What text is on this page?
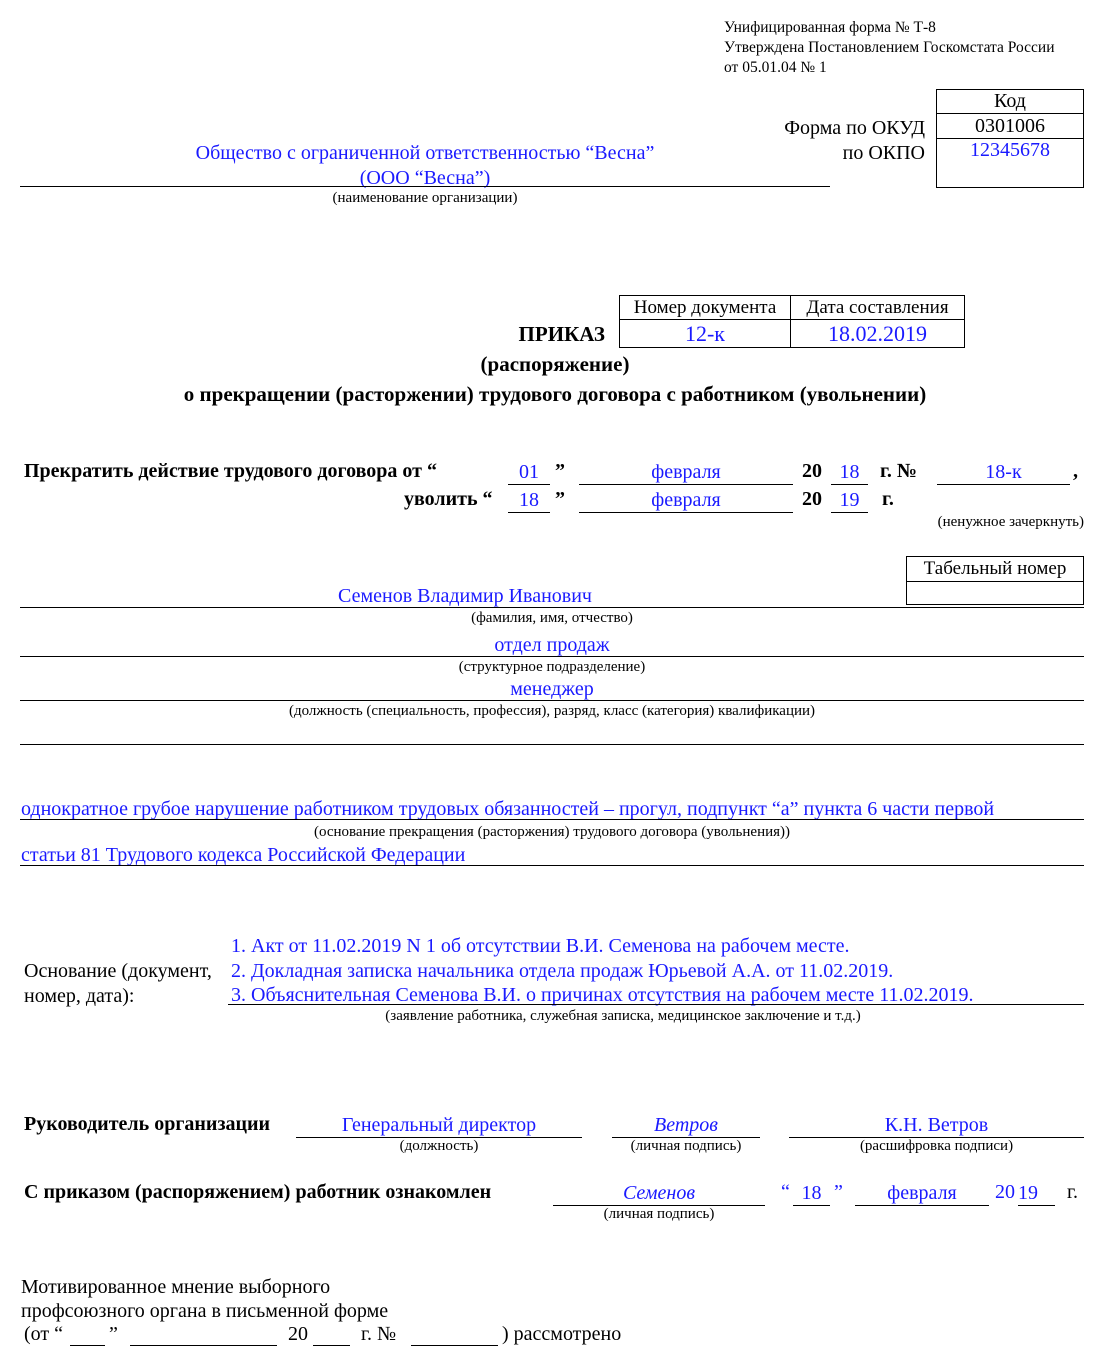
Унифицированная форма № Т-8
Утверждена Постановлением Госкомстата России
от 05.01.04 № 1
Форма по ОКУД
по ОКПО
Код
0301006
12345678
Общество с ограниченной ответственностью “Весна”
(ООО “Весна”)
(наименование организации)
ПРИКАЗ
Номер документа	Дата составления
12-к	18.02.2019
(распоряжение)
о прекращении (расторжении) трудового договора с работником (увольнении)
Прекратить действие трудового договора от “	01 ”	февраля	20 18	г. №	18-к	,
уволить “	18 ”	февраля	20 19	г.
(ненужное зачеркнуть)
Табельный номер

Семенов Владимир Иванович
(фамилия, имя, отчество)
отдел продаж
(структурное подразделение)
менеджер
(должность (специальность, профессия), разряд, класс (категория) квалификации)
однократное грубое нарушение работником трудовых обязанностей – прогул, подпункт “а” пункта 6 части первой
(основание прекращения (расторжения) трудового договора (увольнения))
статьи 81 Трудового кодекса Российской Федерации
Основание (документ,
номер, дата):
1. Акт от 11.02.2019 N 1 об отсутствии В.И. Семенова на рабочем месте.
2. Докладная записка начальника отдела продаж Юрьевой А.А. от 11.02.2019.
3. Объяснительная Семенова В.И. о причинах отсутствия на рабочем месте 11.02.2019.
(заявление работника, служебная записка, медицинское заключение и т.д.)
Руководитель организации	Генеральный директор
(должность)
Ветров
(личная подпись)
К.Н. Ветров
(расшифровка подписи)
С приказом (распоряжением) работник ознакомлен	Семенов
(личная подпись)
“ 18 ”	февраля	20 19	г.
Мотивированное мнение выборного
профсоюзного органа в письменной форме
(от “ ”	20	г. №	) рассмотрено
